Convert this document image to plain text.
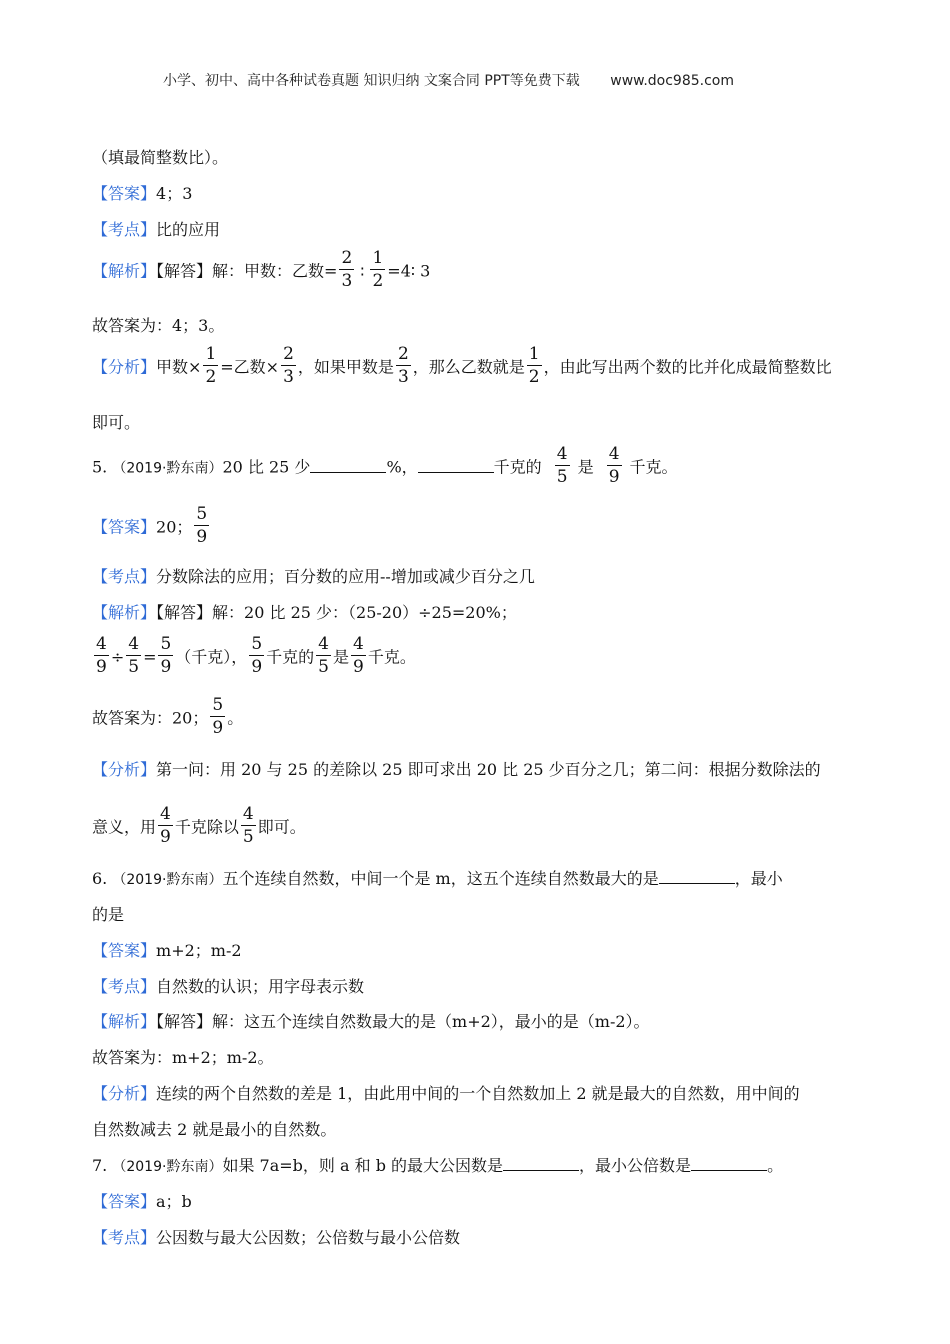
小学、初中、高中各种试卷真题 知识归纳 文案合同 PPT等免费下载 www.doc985.com
（填最简整数比）。
【答案】4；3
【考点】比的应用
【解析】【解答】解：甲数：乙数= $\frac{2}{3}$ ∶ $\frac{1}{2}$ =4∶ 3
故答案为：4；3。
【分析】甲数× $\frac{1}{2}$ =乙数× $\frac{2}{3}$ ，如果甲数是 $\frac{2}{3}$ ，那么乙数就是 $\frac{1}{2}$ ，由此写出两个数的比并化成最简整数比
即可。
5. （2019·黔东南）20 比 25 少	%，	千克的 $\frac{4}{5}$ 是 $\frac{4}{9}$ 千克。
【答案】20； $\frac{5}{9}$
【考点】分数除法的应用；百分数的应用--增加或减少百分之几
【解析】【解答】解：20 比 25 少：（25-20）÷25=20%；
$\frac{4}{9} \div \frac{4}{5} = \frac{5}{9}$ （千克）， $\frac{5}{9}$ 千克的 $\frac{4}{5}$ 是 $\frac{4}{9}$ 千克。
故答案为：20； $\frac{5}{9}$ 。
【分析】第一问：用 20 与 25 的差除以 25 即可求出 20 比 25 少百分之几；第二问：根据分数除法的
意义，用 $\frac{4}{9}$ 千克除以 $\frac{4}{5}$ 即可。
6. （2019·黔东南）五个连续自然数，中间一个是 m，这五个连续自然数最大的是	，最小
的是
【答案】m+2；m-2
【考点】自然数的认识；用字母表示数
【解析】【解答】解：这五个连续自然数最大的是（m+2），最小的是（m-2）。
故答案为：m+2；m-2。
【分析】连续的两个自然数的差是 1，由此用中间的一个自然数加上 2 就是最大的自然数，用中间的
自然数减去 2 就是最小的自然数。
7. （2019·黔东南）如果 7a=b，则 a 和 b 的最大公因数是	，最小公倍数是	。
【答案】a；b
【考点】公因数与最大公因数；公倍数与最小公倍数
